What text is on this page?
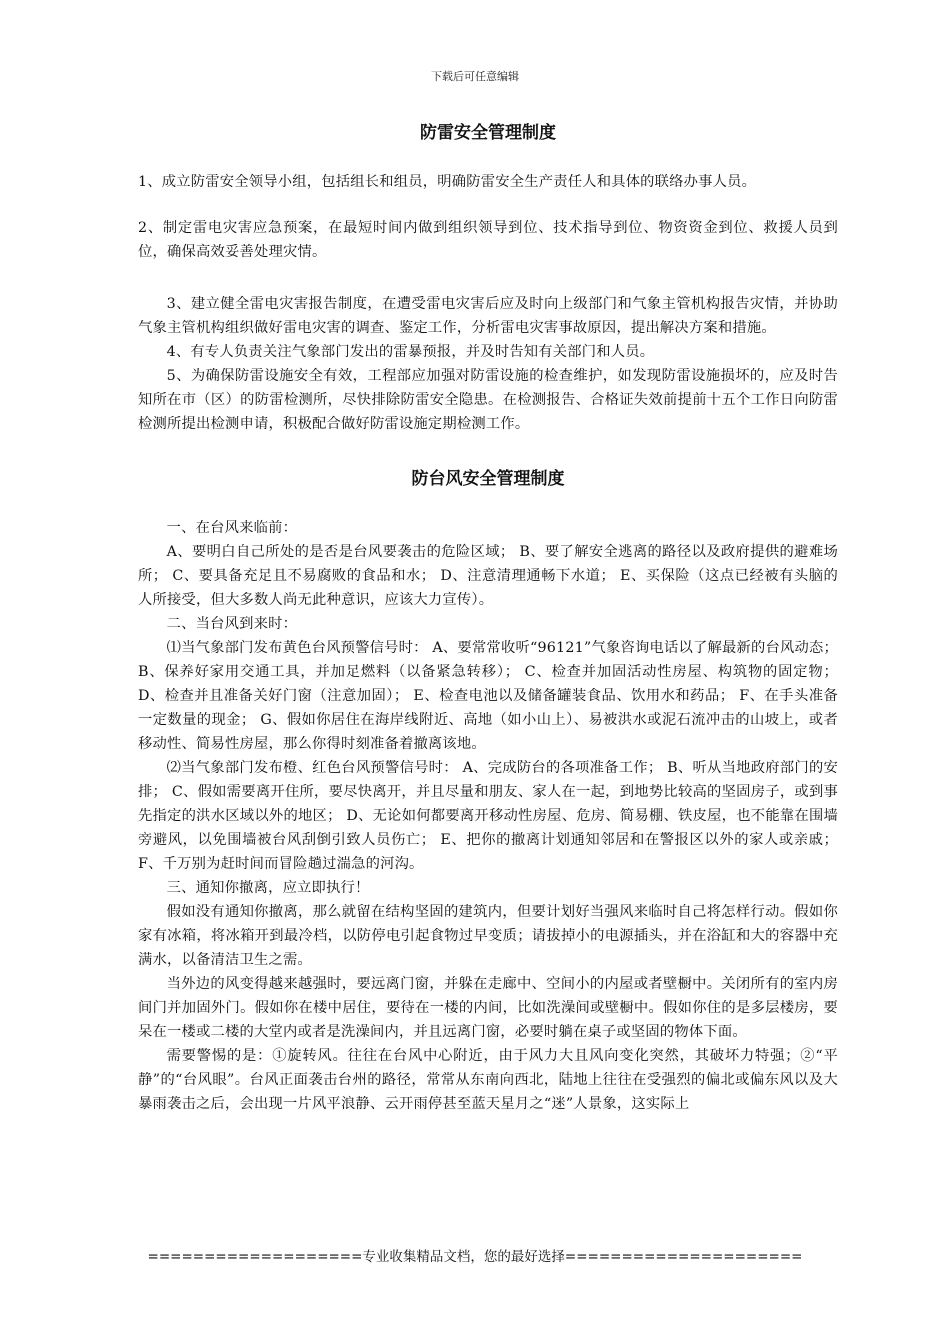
下载后可任意编辑
防雷安全管理制度

1、成立防雷安全领导小组，包括组长和组员，明确防雷安全生产责任人和具体的联络办事人员。

2、制定雷电灾害应急预案，在最短时间内做到组织领导到位、技术指导到位、物资资金到位、救援人员到位，确保高效妥善处理灾情。

3、建立健全雷电灾害报告制度，在遭受雷电灾害后应及时向上级部门和气象主管机构报告灾情，并协助气象主管机构组织做好雷电灾害的调查、鉴定工作，分析雷电灾害事故原因，提出解决方案和措施。

4、有专人负责关注气象部门发出的雷暴预报，并及时告知有关部门和人员。

5、为确保防雷设施安全有效，工程部应加强对防雷设施的检查维护，如发现防雷设施损坏的，应及时告知所在市（区）的防雷检测所，尽快排除防雷安全隐患。在检测报告、合格证失效前提前十五个工作日向防雷检测所提出检测申请，积极配合做好防雷设施定期检测工作。

防台风安全管理制度

一、在台风来临前：

A、要明白自己所处的是否是台风要袭击的危险区域； B、要了解安全逃离的路径以及政府提供的避难场所； C、要具备充足且不易腐败的食品和水； D、注意清理通畅下水道； E、买保险（这点已经被有头脑的人所接受，但大多数人尚无此种意识，应该大力宣传）。

二、当台风到来时：

⑴当气象部门发布黄色台风预警信号时： A、要常常收听“96121”气象咨询电话以了解最新的台风动态； B、保养好家用交通工具，并加足燃料（以备紧急转移）； C、检查并加固活动性房屋、构筑物的固定物； D、检查并且准备关好门窗（注意加固）； E、检查电池以及储备罐装食品、饮用水和药品； F、在手头准备一定数量的现金； G、假如你居住在海岸线附近、高地（如小山上）、易被洪水或泥石流冲击的山坡上，或者移动性、简易性房屋，那么你得时刻准备着撤离该地。

⑵当气象部门发布橙、红色台风预警信号时： A、完成防台的各项准备工作； B、听从当地政府部门的安排； C、假如需要离开住所，要尽快离开，并且尽量和朋友、家人在一起，到地势比较高的坚固房子，或到事先指定的洪水区域以外的地区； D、无论如何都要离开移动性房屋、危房、简易棚、铁皮屋，也不能靠在围墙旁避风，以免围墙被台风刮倒引致人员伤亡； E、把你的撤离计划通知邻居和在警报区以外的家人或亲戚； F、千万别为赶时间而冒险趟过湍急的河沟。

三、通知你撤离，应立即执行！

假如没有通知你撤离，那么就留在结构坚固的建筑内，但要计划好当强风来临时自己将怎样行动。假如你家有冰箱，将冰箱开到最冷档，以防停电引起食物过早变质；请拔掉小的电源插头，并在浴缸和大的容器中充满水，以备清洁卫生之需。

当外边的风变得越来越强时，要远离门窗，并躲在走廊中、空间小的内屋或者壁橱中。关闭所有的室内房间门并加固外门。假如你在楼中居住，要待在一楼的内间，比如洗澡间或壁橱中。假如你住的是多层楼房，要呆在一楼或二楼的大堂内或者是洗澡间内，并且远离门窗，必要时躺在桌子或坚固的物体下面。

需要警惕的是：①旋转风。往往在台风中心附近，由于风力大且风向变化突然，其破坏力特强；②“平静”的“台风眼”。台风正面袭击台州的路径，常常从东南向西北，陆地上往往在受强烈的偏北或偏东风以及大暴雨袭击之后，会出现一片风平浪静、云开雨停甚至蓝天星月之“迷”人景象，这实际上

===================专业收集精品文档，您的最好选择=====================
